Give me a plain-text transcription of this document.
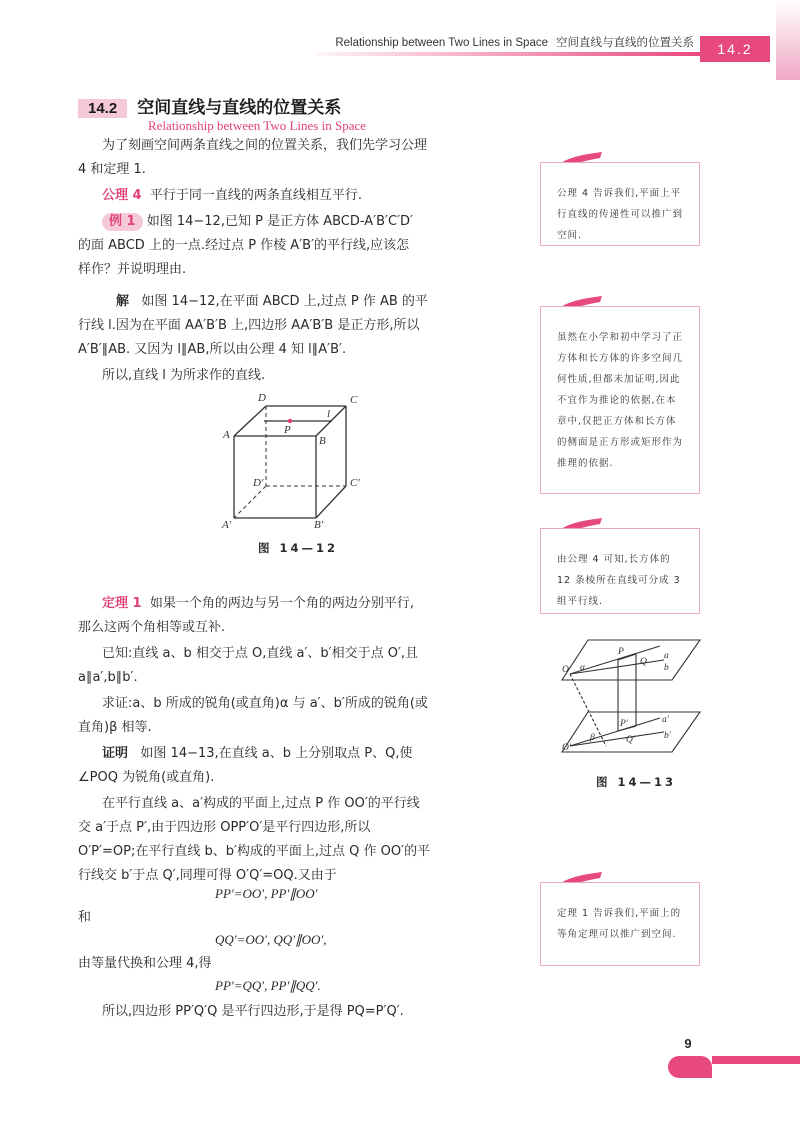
Relationship between Two Lines in Space 空间直线与直线的位置关系	14.2
14.2 空间直线与直线的位置关系
Relationship between Two Lines in Space
为了刻画空间两条直线之间的位置关系，我们先学习公理
4 和定理 1.
公理 4 平行于同一直线的两条直线相互平行.
例 1 如图 14−12,已知 P 是正方体 ABCD-A′B′C′D′
的面 ABCD 上的一点.经过点 P 作棱 A′B′的平行线,应该怎
样作？并说明理由.
解 如图 14−12,在平面 ABCD 上,过点 P 作 AB 的平
行线 l.因为在平面 AA′B′B 上,四边形 AA′B′B 是正方形,所以
A′B′∥AB. 又因为 l∥AB,所以由公理 4 知 l∥A′B′.
所以,直线 l 为所求作的直线.
D	C
A	B
P
l
D′	C′
A′	B′
图 14—12
定理 1 如果一个角的两边与另一个角的两边分别平行,
那么这两个角相等或互补.
已知:直线 a、b 相交于点 O,直线 a′、b′相交于点 O′,且
a∥a′,b∥b′.
求证:a、b 所成的锐角(或直角)α 与 a′、b′所成的锐角(或
直角)β 相等.
证明 如图 14−13,在直线 a、b 上分别取点 P、Q,使
∠POQ 为锐角(或直角).
在平行直线 a、a′构成的平面上,过点 P 作 OO′的平行线
交 a′于点 P′,由于四边形 OPP′O′是平行四边形,所以
O′P′=OP;在平行直线 b、b′构成的平面上,过点 Q 作 OO′的平
行线交 b′于点 Q′,同理可得 O′Q′=OQ.又由于
PP′=OO′, PP′∥OO′
和
QQ′=OO′, QQ′∥OO′,
由等量代换和公理 4,得
PP′=QQ′, PP′∥QQ′.
所以,四边形 PP′Q′Q 是平行四边形,于是得 PQ=P′Q′.
公理 4 告诉我们,平面上平行直线的传递性可以推广到空间.
虽然在小学和初中学习了正方体和长方体的许多空间几何性质,但都未加证明,因此不宜作为推论的依据,在本章中,仅把正方体和长方体的侧面是正方形或矩形作为推理的依据.
由公理 4 可知,长方体的 12 条棱所在直线可分成 3 组平行线.
O
P
Q
a
b
α
O′
P′
Q′
a′
b′
β
图 14—13
定理 1 告诉我们,平面上的等角定理可以推广到空间.
9
